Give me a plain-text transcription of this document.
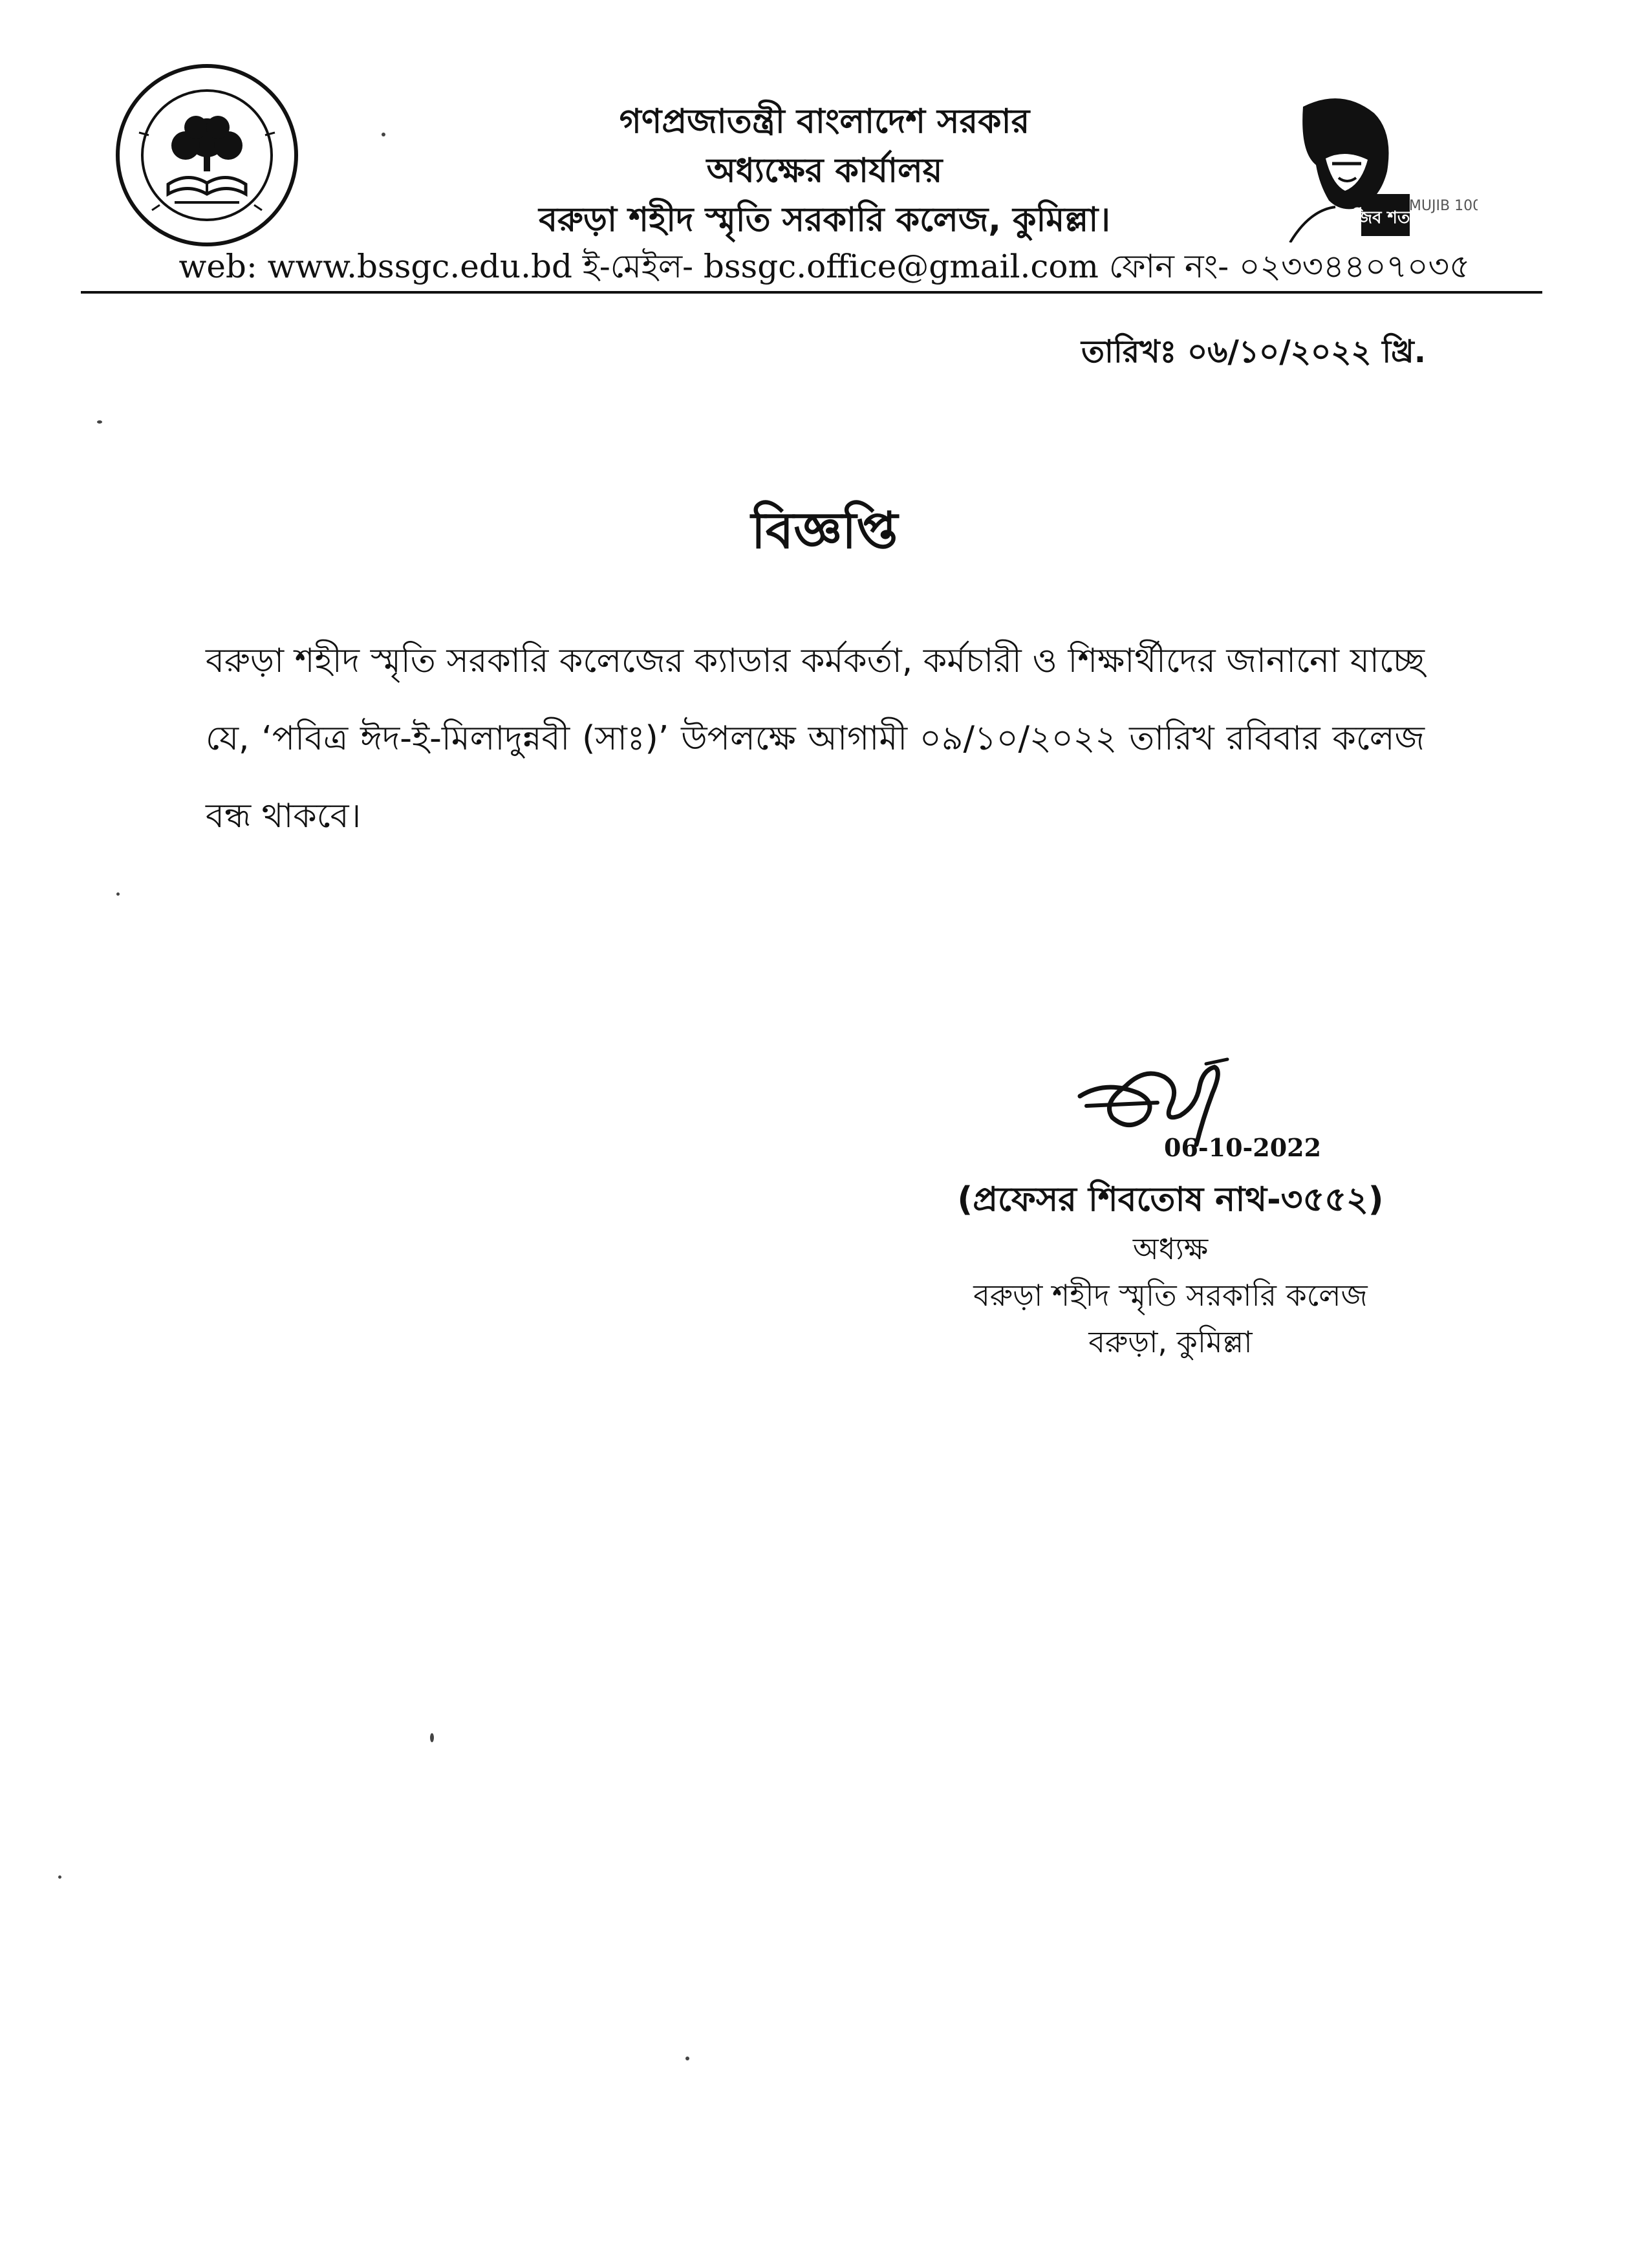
মুজিব শতবর্ষ
MUJIB 100
গণপ্রজাতন্ত্রী বাংলাদেশ সরকার
অধ্যক্ষের কার্যালয়
বরুড়া শহীদ স্মৃতি সরকারি কলেজ, কুমিল্লা।
web: www.bssgc.edu.bd ই-মেইল- bssgc.office@gmail.com ফোন নং- ০২৩৩৪৪০৭০৩৫
তারিখঃ ০৬/১০/২০২২ খ্রি.
বিজ্ঞপ্তি
বরুড়া শহীদ স্মৃতি সরকারি কলেজের ক্যাডার কর্মকর্তা, কর্মচারী ও শিক্ষার্থীদের জানানো যাচ্ছে যে, ‘পবিত্র ঈদ-ই-মিলাদুন্নবী (সাঃ)’ উপলক্ষে আগামী ০৯/১০/২০২২ তারিখ রবিবার কলেজ বন্ধ থাকবে।
06-10-2022
(প্রফেসর শিবতোষ নাথ-৩৫৫২)
অধ্যক্ষ
বরুড়া শহীদ স্মৃতি সরকারি কলেজ
বরুড়া, কুমিল্লা
